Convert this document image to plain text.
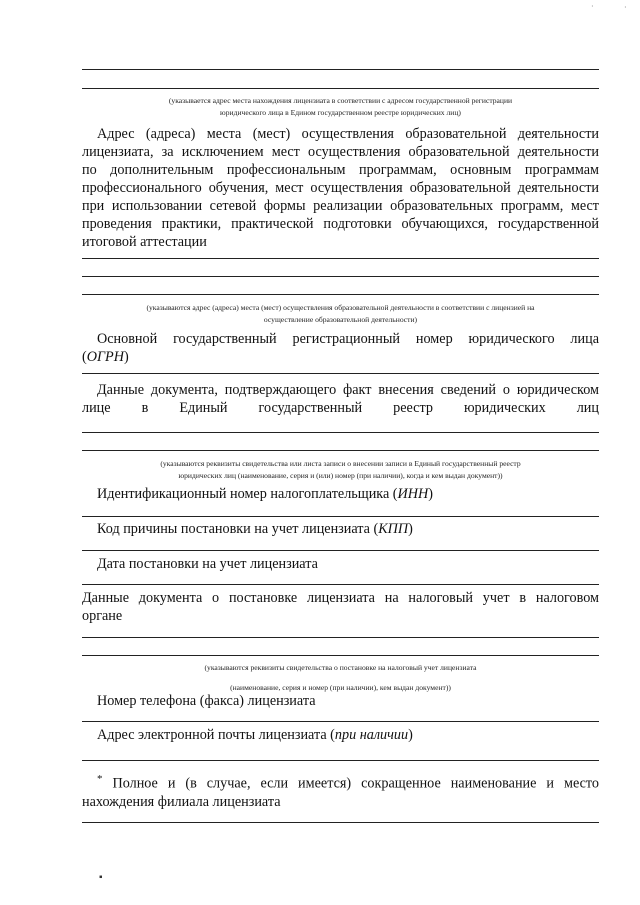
(указывается адрес места нахождения лицензиата в соответствии с адресом государственной регистрации
юридического лица в Едином государственном реестре юридических лиц)
Адрес (адреса) места (мест) осуществления образовательной деятельности
лицензиата, за исключением мест осуществления образовательной деятельности
по дополнительным профессиональным программам, основным программам
профессионального обучения, мест осуществления образовательной деятельности
при использовании сетевой формы реализации образовательных программ, мест
проведения практики, практической подготовки обучающихся, государственной
итоговой аттестации
(указываются адрес (адреса) места (мест) осуществления образовательной деятельности в соответствии с лицензией на
осуществление образовательной деятельности)
Основной государственный регистрационный номер юридического лица
(ОГРН)
Данные документа, подтверждающего факт внесения сведений о юридическом
лице в Единый государственный реестр юридических лиц
(указываются реквизиты свидетельства или листа записи о внесении записи в Единый государственный реестр
юридических лиц (наименование, серия и (или) номер (при наличии), когда и кем выдан документ))
Идентификационный номер налогоплательщика (ИНН)
Код причины постановки на учет лицензиата (КПП)
Дата постановки на учет лицензиата
Данные документа о постановке лицензиата на налоговый учет в налоговом
органе
(указываются реквизиты свидетельства о постановке на налоговый учет лицензиата
(наименование, серия и номер (при наличии), кем выдан документ))
Номер телефона (факса) лицензиата
Адрес электронной почты лицензиата (при наличии)
* Полное и (в случае, если имеется) сокращенное наименование и место
нахождения филиала лицензиата
▪
·	·
